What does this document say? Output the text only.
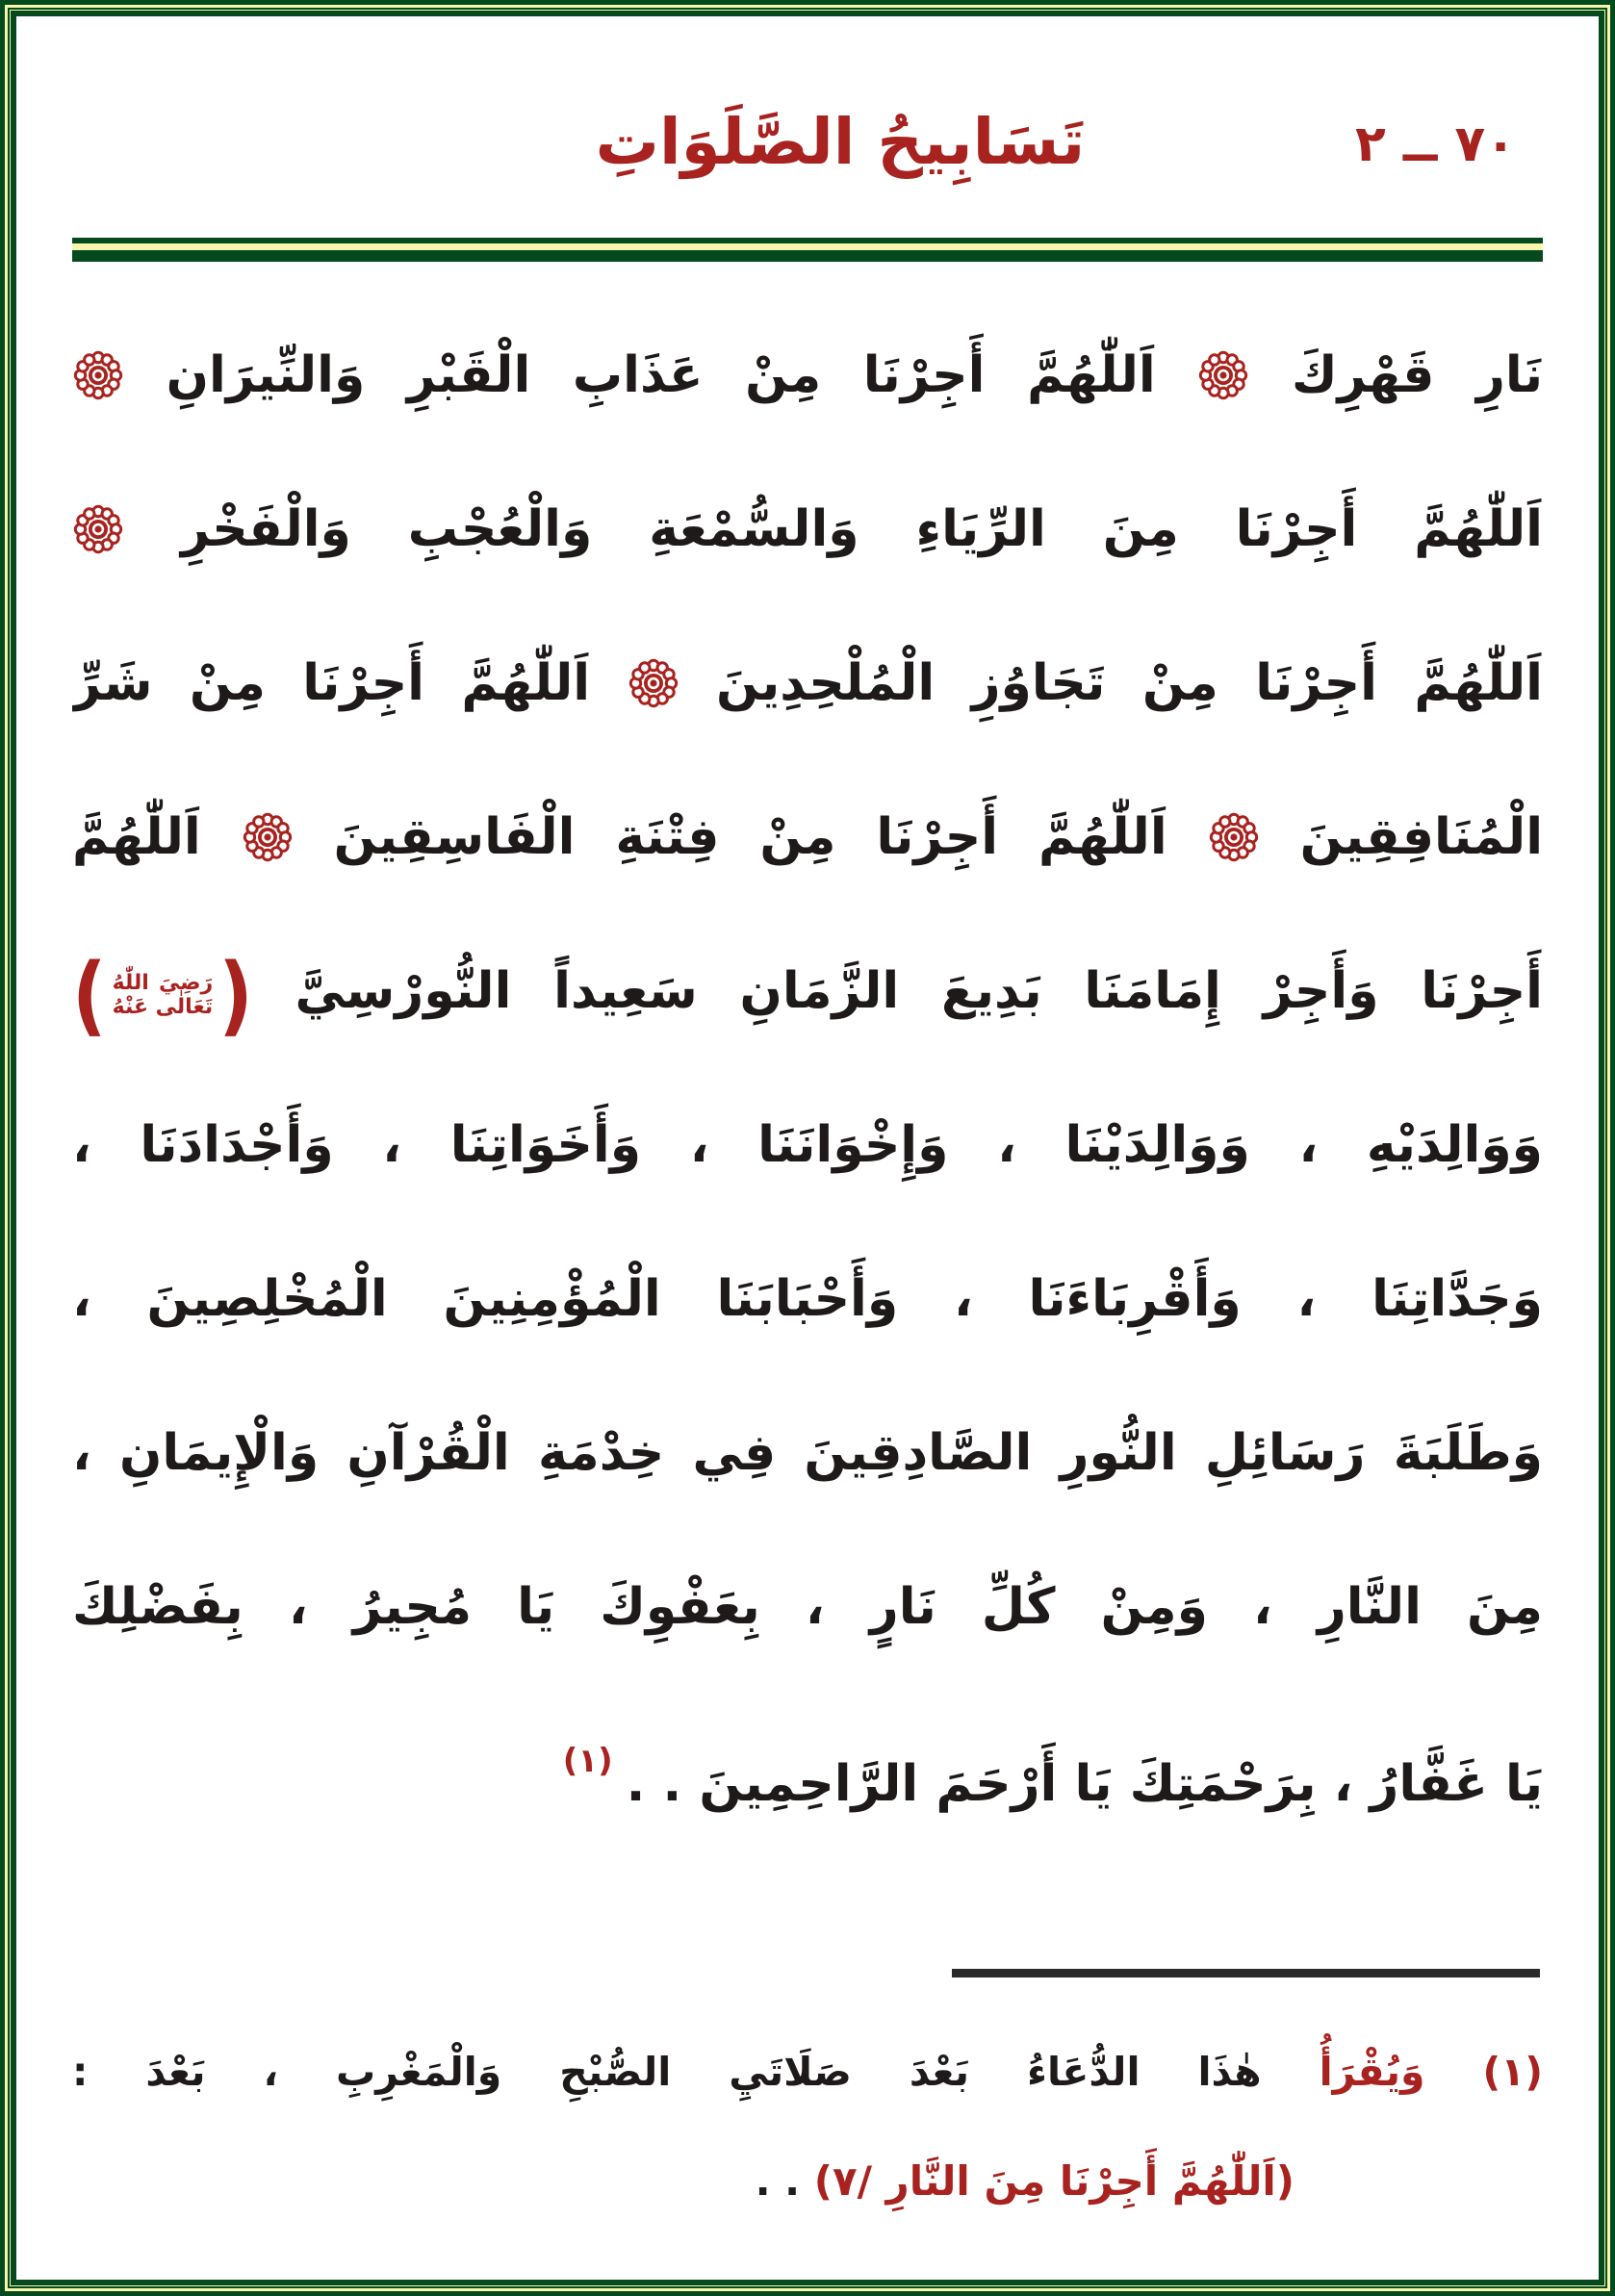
٧٠ ــ ٢
تَسَابِيحُ الصَّلَوَاتِ
نَارِ قَهْرِكَ  اَللّٰهُمَّ أَجِرْنَا مِنْ عَذَابِ الْقَبْرِ وَالنِّيرَانِ
اَللّٰهُمَّ أَجِرْنَا مِنَ الرِّيَاءِ وَالسُّمْعَةِ وَالْعُجْبِ وَالْفَخْرِ
اَللّٰهُمَّ أَجِرْنَا مِنْ تَجَاوُزِ الْمُلْحِدِينَ  اَللّٰهُمَّ أَجِرْنَا مِنْ شَرِّ
الْمُنَافِقِينَ  اَللّٰهُمَّ أَجِرْنَا مِنْ فِتْنَةِ الْفَاسِقِينَ  اَللّٰهُمَّ
أَجِرْنَا وَأَجِرْ إِمَامَنَا بَدِيعَ الزَّمَانِ سَعِيداً النُّورْسِيَّ
( رَضِيَ اللّٰهُ
تَعَالٰى عَنْهُ )
وَوَالِدَيْهِ ، وَوَالِدَيْنَا ، وَإِخْوَانَنَا ، وَأَخَوَاتِنَا ، وَأَجْدَادَنَا ،
وَجَدَّاتِنَا ، وَأَقْرِبَاءَنَا ، وَأَحْبَابَنَا الْمُؤْمِنِينَ الْمُخْلِصِينَ ،
وَطَلَبَةَ رَسَائِلِ النُّورِ الصَّادِقِينَ فِي خِدْمَةِ الْقُرْآنِ وَالْإِيمَانِ ،
مِنَ النَّارِ ، وَمِنْ كُلِّ نَارٍ ، بِعَفْوِكَ يَا مُجِيرُ ، بِفَضْلِكَ
يَا غَفَّارُ ، بِرَحْمَتِكَ يَا أَرْحَمَ الرَّاحِمِينَ . .$^{(١)}$

(١) وَيُقْرَأُ هٰذَا الدُّعَاءُ بَعْدَ صَلَاتَيِ الصُّبْحِ وَالْمَغْرِبِ ، بَعْدَ :

(اَللّٰهُمَّ أَجِرْنَا مِنَ النَّارِ /٧) . .
